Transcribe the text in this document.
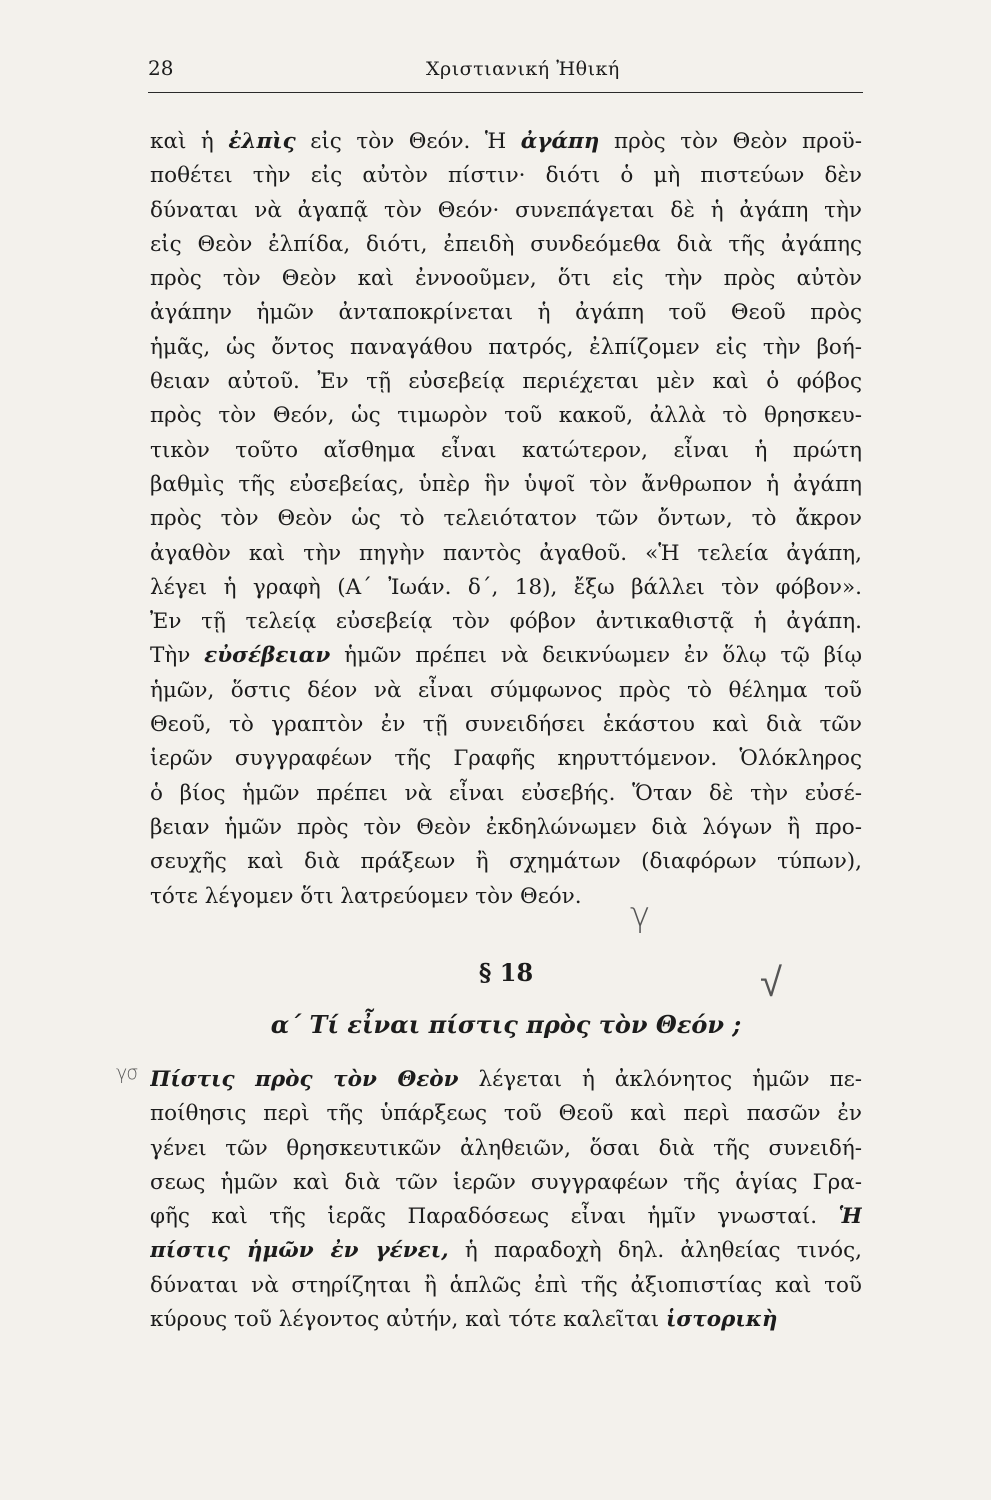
28	Χριστιανική Ἠθική
καὶ ἡ ἐλπὶς εἰς τὸν Θεόν. Ἡ ἀγάπη πρὸς τὸν Θεὸν προϋ-
ποθέτει τὴν εἰς αὐτὸν πίστιν· διότι ὁ μὴ πιστεύων δὲν
δύναται νὰ ἀγαπᾷ τὸν Θεόν· συνεπάγεται δὲ ἡ ἀγάπη τὴν
εἰς Θεὸν ἐλπίδα, διότι, ἐπειδὴ συνδεόμεθα διὰ τῆς ἀγάπης
πρὸς τὸν Θεὸν καὶ ἐννοοῦμεν, ὅτι εἰς τὴν πρὸς αὐτὸν
ἀγάπην ἡμῶν ἀνταποκρίνεται ἡ ἀγάπη τοῦ Θεοῦ πρὸς
ἡμᾶς, ὡς ὄντος παναγάθου πατρός, ἐλπίζομεν εἰς τὴν βοή-
θειαν αὐτοῦ. Ἐν τῇ εὐσεβείᾳ περιέχεται μὲν καὶ ὁ φόβος
πρὸς τὸν Θεόν, ὡς τιμωρὸν τοῦ κακοῦ, ἀλλὰ τὸ θρησκευ-
τικὸν τοῦτο αἴσθημα εἶναι κατώτερον, εἶναι ἡ πρώτη
βαθμὶς τῆς εὐσεβείας, ὑπὲρ ἣν ὑψοῖ τὸν ἄνθρωπον ἡ ἀγάπη
πρὸς τὸν Θεὸν ὡς τὸ τελειότατον τῶν ὄντων, τὸ ἄκρον
ἀγαθὸν καὶ τὴν πηγὴν παντὸς ἀγαθοῦ. «Ἡ τελεία ἀγάπη,
λέγει ἡ γραφὴ (Α΄ Ἰωάν. δ΄, 18), ἔξω βάλλει τὸν φόβον».
Ἐν τῇ τελείᾳ εὐσεβείᾳ τὸν φόβον ἀντικαθιστᾷ ἡ ἀγάπη.
Τὴν εὐσέβειαν ἡμῶν πρέπει νὰ δεικνύωμεν ἐν ὅλῳ τῷ βίῳ
ἡμῶν, ὅστις δέον νὰ εἶναι σύμφωνος πρὸς τὸ θέλημα τοῦ
Θεοῦ, τὸ γραπτὸν ἐν τῇ συνειδήσει ἑκάστου καὶ διὰ τῶν
ἱερῶν συγγραφέων τῆς Γραφῆς κηρυττόμενον. Ὁλόκληρος
ὁ βίος ἡμῶν πρέπει νὰ εἶναι εὐσεβής. Ὅταν δὲ τὴν εὐσέ-
βειαν ἡμῶν πρὸς τὸν Θεὸν ἐκδηλώνωμεν διὰ λόγων ἢ προ-
σευχῆς καὶ διὰ πράξεων ἢ σχημάτων (διαφόρων τύπων),
τότε λέγομεν ὅτι λατρεύομεν τὸν Θεόν.
§ 18
α΄ Τί εἶναι πίστις πρὸς τὸν Θεόν ;
Πίστις πρὸς τὸν Θεὸν λέγεται ἡ ἀκλόνητος ἡμῶν πε-
ποίθησις περὶ τῆς ὑπάρξεως τοῦ Θεοῦ καὶ περὶ πασῶν ἐν
γένει τῶν θρησκευτικῶν ἀληθειῶν, ὅσαι διὰ τῆς συνειδή-
σεως ἡμῶν καὶ διὰ τῶν ἱερῶν συγγραφέων τῆς ἁγίας Γρα-
φῆς καὶ τῆς ἱερᾶς Παραδόσεως εἶναι ἡμῖν γνωσταί. Ἡ
πίστις ἡμῶν ἐν γένει, ἡ παραδοχὴ δηλ. ἀληθείας τινός,
δύναται νὰ στηρίζηται ἢ ἁπλῶς ἐπὶ τῆς ἀξιοπιστίας καὶ τοῦ
κύρους τοῦ λέγοντος αὐτήν, καὶ τότε καλεῖται ἱστορικὴ
γ
√
γσ
